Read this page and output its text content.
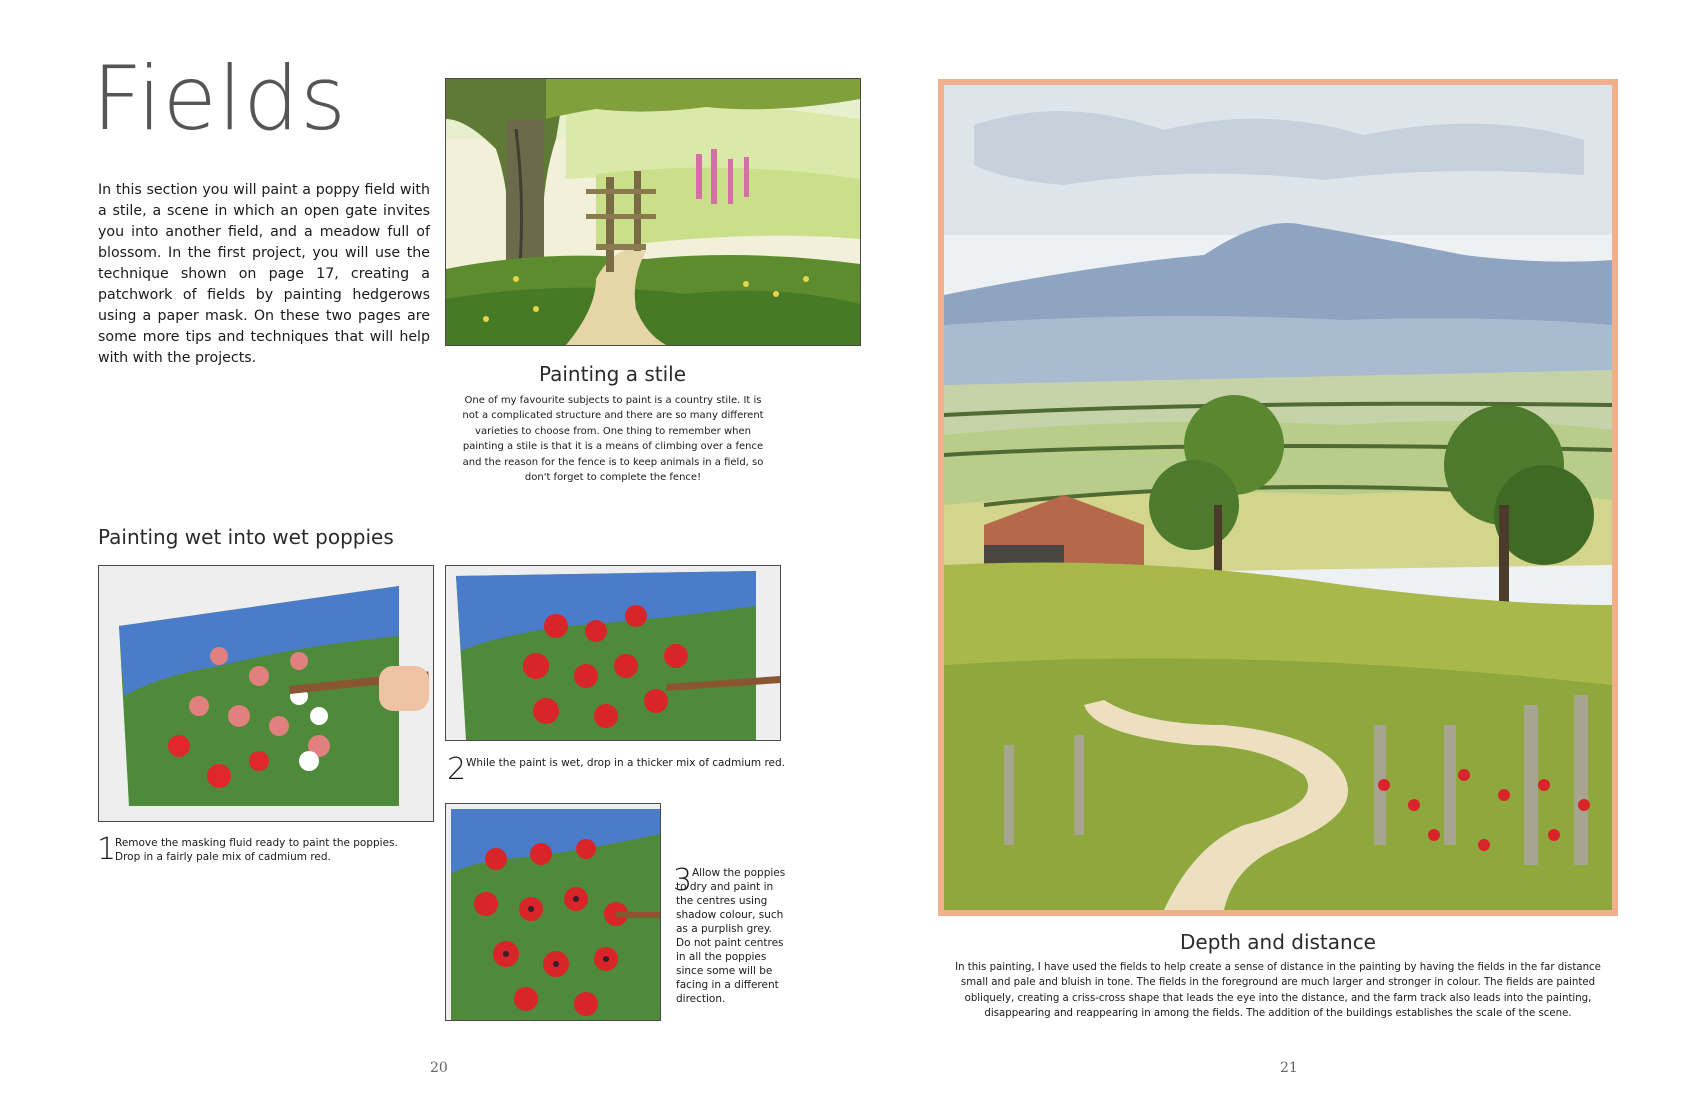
Fields
In this section you will paint a poppy field with a stile, a scene in which an open gate invites you into another field, and a meadow full of blossom. In the first project, you will use the technique shown on page 17, creating a patchwork of fields by painting hedgerows using a paper mask. On these two pages are some more tips and techniques that will help with with the projects.
Painting a stile
One of my favourite subjects to paint is a country stile. It is not a complicated structure and there are so many different varieties to choose from. One thing to remember when painting a stile is that it is a means of climbing over a fence and the reason for the fence is to keep animals in a field, so don't forget to complete the fence!
Painting wet into wet poppies
1
Remove the masking fluid ready to paint the poppies. Drop in a fairly pale mix of cadmium red.
2 While the paint is wet, drop in a thicker mix of cadmium red.
3 Allow the poppies to dry and paint in the centres using shadow colour, such as a purplish grey. Do not paint centres in all the poppies since some will be facing in a different direction.
20
Depth and distance
In this painting, I have used the fields to help create a sense of distance in the painting by having the fields in the far distance small and pale and bluish in tone. The fields in the foreground are much larger and stronger in colour. The fields are painted obliquely, creating a criss-cross shape that leads the eye into the distance, and the farm track also leads into the painting, disappearing and reappearing in among the fields. The addition of the buildings establishes the scale of the scene.
21
